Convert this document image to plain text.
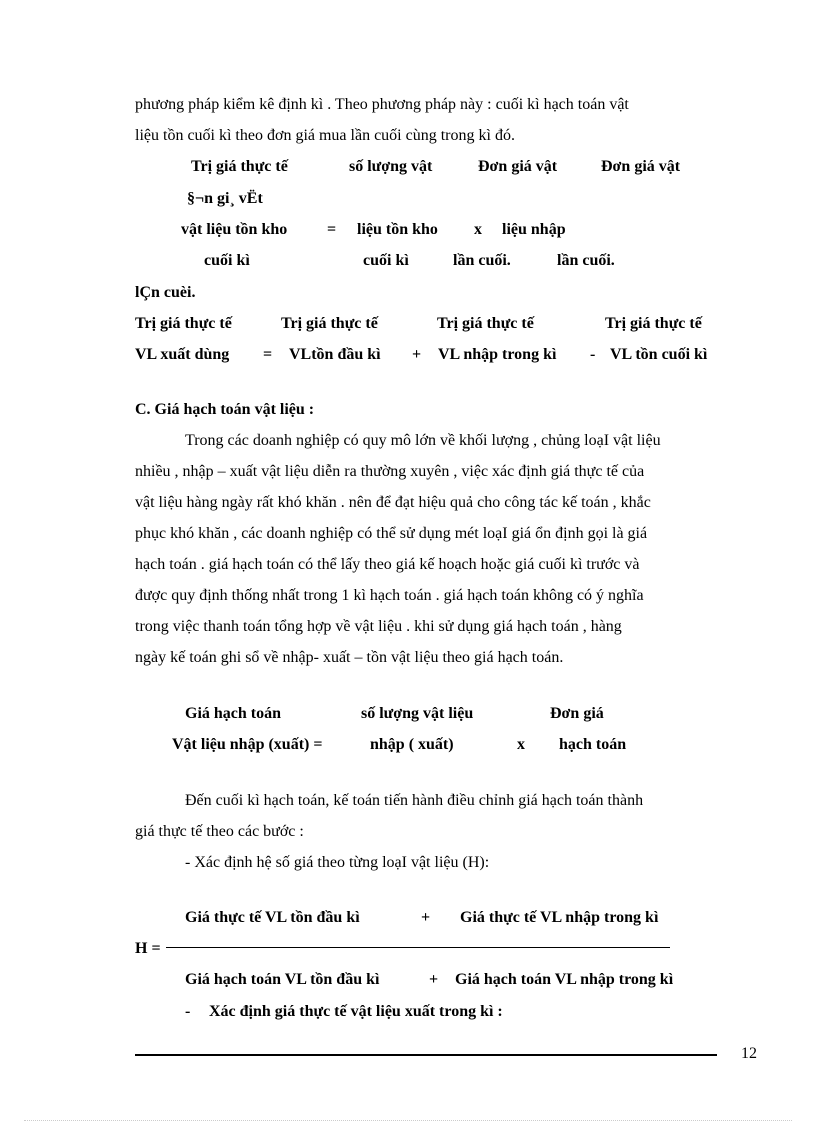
phương pháp kiểm kê định kì . Theo phương pháp này : cuối kì hạch toán vật
liệu tồn cuối kì theo đơn giá mua lần cuối cùng trong kì đó.
Trị giá thực tế	số lượng vật	Đơn giá vật	Đơn giá vật
§¬n gi¸ vËt
vật liệu tồn kho = liệu tồn kho x liệu nhập
cuối kì	cuối kì	lần cuối.	lần cuối.
lÇn cuèi.
Trị giá thực tế	Trị giá thực tế	Trị giá thực tế	Trị giá thực tế
VL xuất dùng = VLtồn đầu kì + VL nhập trong kì - VL tồn cuối kì
C. Giá hạch toán vật liệu :
Trong các doanh nghiệp có quy mô lớn về khối lượng , chủng loạI vật liệu
nhiều , nhập – xuất vật liệu diễn ra thường xuyên , việc xác định giá thực tế của
vật liệu hàng ngày rất khó khăn . nên để đạt hiệu quả cho công tác kế toán , khắc
phục khó khăn , các doanh nghiệp có thể sử dụng mét loạI giá ổn định gọi là giá
hạch toán . giá hạch toán có thể lấy theo giá kế hoạch hoặc giá cuối kì trước và
được quy định thống nhất trong 1 kì hạch toán . giá hạch toán không có ý nghĩa
trong việc thanh toán tổng hợp về vật liệu . khi sử dụng giá hạch toán , hàng
ngày kế toán ghi sổ về nhập- xuất – tồn vật liệu theo giá hạch toán.
Giá hạch toán	số lượng vật liệu	Đơn giá
Vật liệu nhập (xuất) =	nhập ( xuất)	x hạch toán
Đến cuối kì hạch toán, kế toán tiến hành điều chỉnh giá hạch toán thành
giá thực tế theo các bước :
- Xác định hệ số giá theo từng loạI vật liệu (H):
Giá thực tế VL tồn đầu kì	+ Giá thực tế VL nhập trong kì
H =
Giá hạch toán VL tồn đầu kì	+ Giá hạch toán VL nhập trong kì
- Xác định giá thực tế vật liệu xuất trong kì :
12
